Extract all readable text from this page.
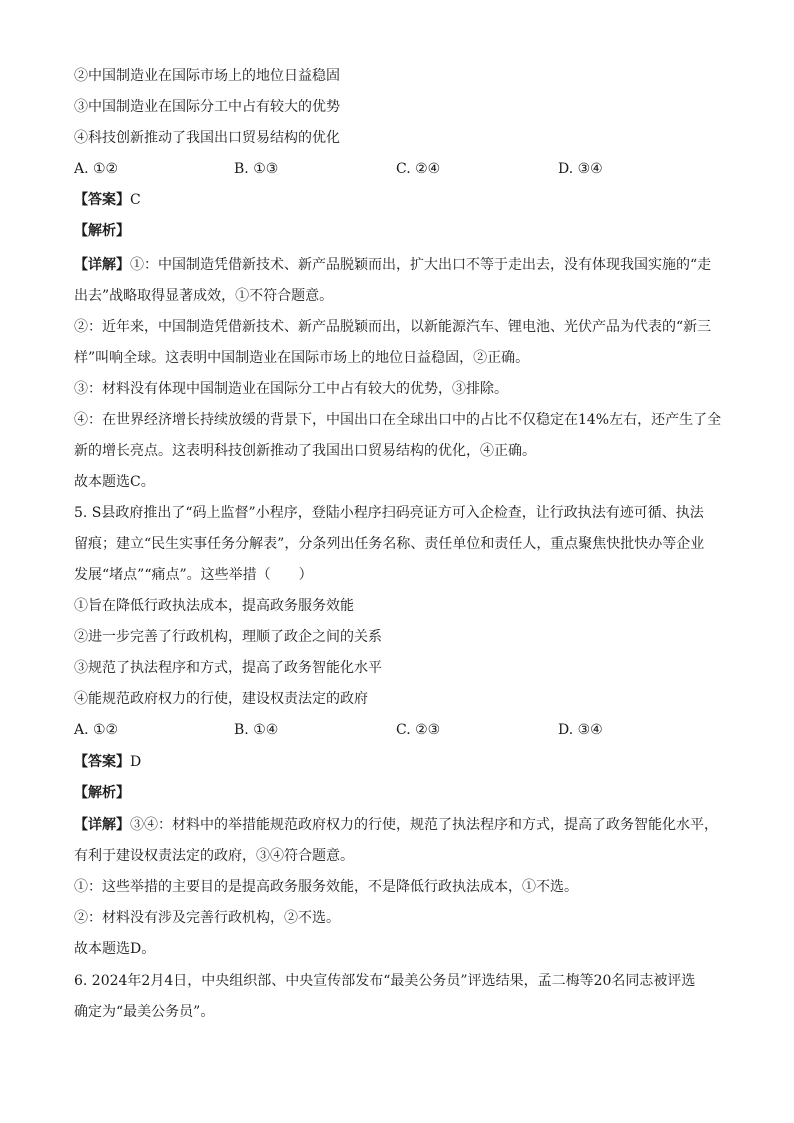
②中国制造业在国际市场上的地位日益稳固
③中国制造业在国际分工中占有较大的优势
④科技创新推动了我国出口贸易结构的优化
A. ①②	B. ①③	C. ②④	D. ③④
【答案】C
【解析】
【详解】①：中国制造凭借新技术、新产品脱颖而出，扩大出口不等于走出去，没有体现我国实施的“走
出去”战略取得显著成效，①不符合题意。
②：近年来，中国制造凭借新技术、新产品脱颖而出，以新能源汽车、锂电池、光伏产品为代表的“新三
样”叫响全球。这表明中国制造业在国际市场上的地位日益稳固，②正确。
③：材料没有体现中国制造业在国际分工中占有较大的优势，③排除。
④：在世界经济增长持续放缓的背景下，中国出口在全球出口中的占比不仅稳定在14%左右，还产生了全
新的增长亮点。这表明科技创新推动了我国出口贸易结构的优化，④正确。
故本题选C。
5. S县政府推出了“码上监督”小程序，登陆小程序扫码亮证方可入企检查，让行政执法有迹可循、执法
留痕；建立“民生实事任务分解表”，分条列出任务名称、责任单位和责任人，重点聚焦快批快办等企业
发展“堵点”“痛点”。这些举措（　　）
①旨在降低行政执法成本，提高政务服务效能
②进一步完善了行政机构，理顺了政企之间的关系
③规范了执法程序和方式，提高了政务智能化水平
④能规范政府权力的行使，建设权责法定的政府
A. ①②	B. ①④	C. ②③	D. ③④
【答案】D
【解析】
【详解】③④：材料中的举措能规范政府权力的行使，规范了执法程序和方式，提高了政务智能化水平，
有利于建设权责法定的政府，③④符合题意。
①：这些举措的主要目的是提高政务服务效能，不是降低行政执法成本，①不选。
②：材料没有涉及完善行政机构，②不选。
故本题选D。
6. 2024年2月4日，中央组织部、中央宣传部发布“最美公务员”评选结果，孟二梅等20名同志被评选
确定为“最美公务员”。
